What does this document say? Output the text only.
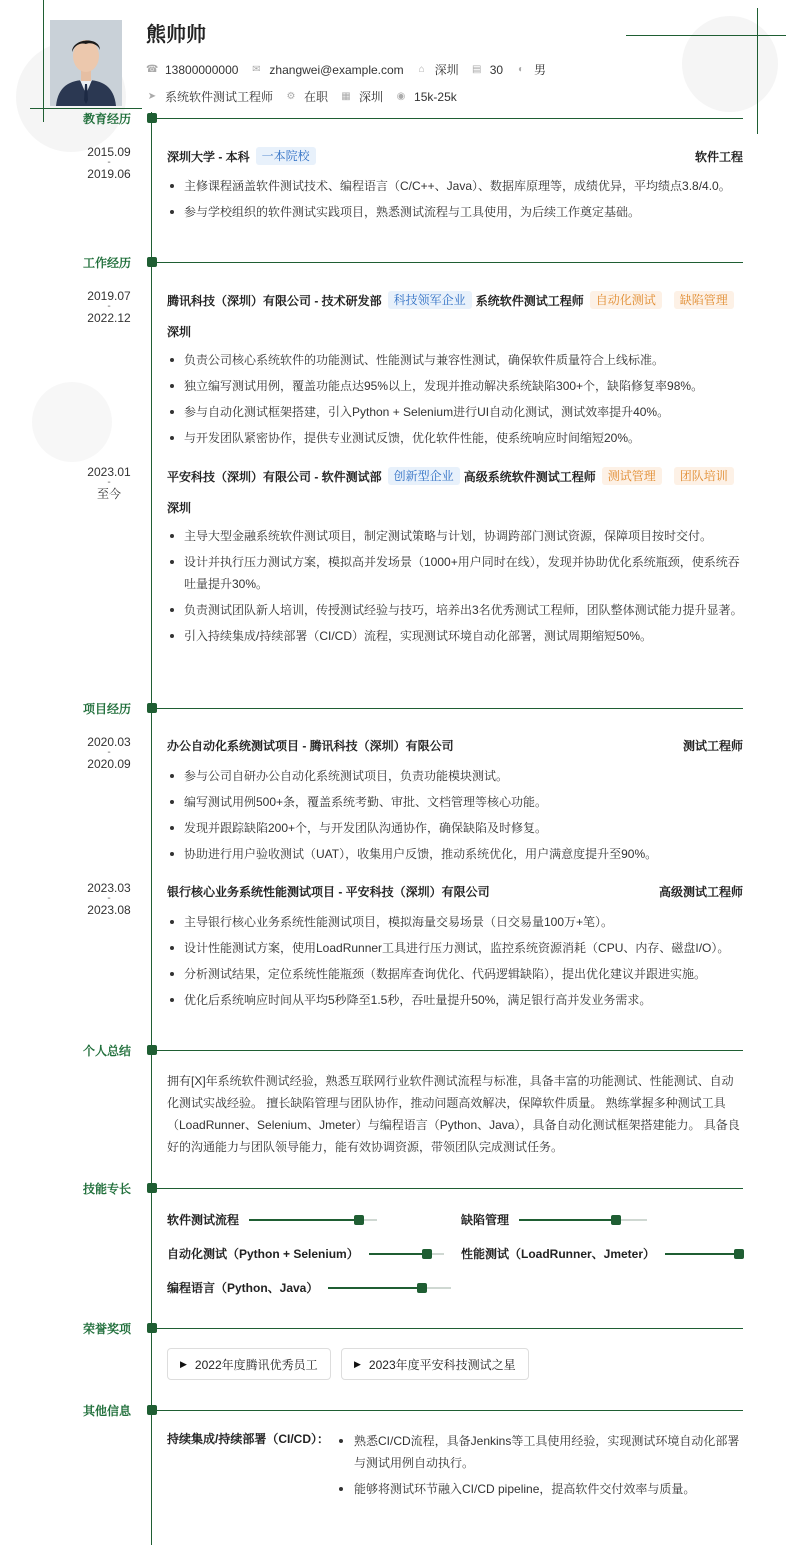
熊帅帅
☎ 13800000000 ✉ zhangwei@example.com ⌂ 深圳 ▤ 30 ◐ 男
➤ 系统软件测试工程师 ⚙ 在职 ▦ 深圳 ◉ 15k-25k
教育经历
2015.09
-
2019.06
深圳大学 - 本科	一本院校	软件工程
主修课程涵盖软件测试技术、编程语言（C/C++、Java）、数据库原理等，成绩优异，平均绩点3.8/4.0。
参与学校组织的软件测试实践项目，熟悉测试流程与工具使用，为后续工作奠定基础。
工作经历
2019.07
-
2022.12
腾讯科技（深圳）有限公司 - 技术研发部	科技领军企业 系统软件测试工程师	自动化测试	缺陷管理
深圳
负责公司核心系统软件的功能测试、性能测试与兼容性测试，确保软件质量符合上线标准。
独立编写测试用例，覆盖功能点达95%以上，发现并推动解决系统缺陷300+个，缺陷修复率98%。
参与自动化测试框架搭建，引入Python + Selenium进行UI自动化测试，测试效率提升40%。
与开发团队紧密协作，提供专业测试反馈，优化软件性能，使系统响应时间缩短20%。
2023.01
-
至今
平安科技（深圳）有限公司 - 软件测试部	创新型企业 高级系统软件测试工程师	测试管理	团队培训
深圳
主导大型金融系统软件测试项目，制定测试策略与计划，协调跨部门测试资源，保障项目按时交付。
设计并执行压力测试方案，模拟高并发场景（1000+用户同时在线），发现并协助优化系统瓶颈，使系统吞吐量提升30%。
负责测试团队新人培训，传授测试经验与技巧，培养出3名优秀测试工程师，团队整体测试能力提升显著。
引入持续集成/持续部署（CI/CD）流程，实现测试环境自动化部署，测试周期缩短50%。
项目经历
2020.03
-
2020.09
办公自动化系统测试项目 - 腾讯科技（深圳）有限公司	测试工程师
参与公司自研办公自动化系统测试项目，负责功能模块测试。
编写测试用例500+条，覆盖系统考勤、审批、文档管理等核心功能。
发现并跟踪缺陷200+个，与开发团队沟通协作，确保缺陷及时修复。
协助进行用户验收测试（UAT），收集用户反馈，推动系统优化，用户满意度提升至90%。
2023.03
-
2023.08
银行核心业务系统性能测试项目 - 平安科技（深圳）有限公司	高级测试工程师
主导银行核心业务系统性能测试项目，模拟海量交易场景（日交易量100万+笔）。
设计性能测试方案，使用LoadRunner工具进行压力测试，监控系统资源消耗（CPU、内存、磁盘I/O）。
分析测试结果，定位系统性能瓶颈（数据库查询优化、代码逻辑缺陷），提出优化建议并跟进实施。
优化后系统响应时间从平均5秒降至1.5秒，吞吐量提升50%，满足银行高并发业务需求。
个人总结
拥有[X]年系统软件测试经验，熟悉互联网行业软件测试流程与标准，具备丰富的功能测试、性能测试、自动化测试实战经验。 擅长缺陷管理与团队协作，推动问题高效解决，保障软件质量。 熟练掌握多种测试工具（LoadRunner、Selenium、Jmeter）与编程语言（Python、Java），具备自动化测试框架搭建能力。 具备良好的沟通能力与团队领导能力，能有效协调资源，带领团队完成测试任务。
技能专长
软件测试流程	缺陷管理
自动化测试（Python + Selenium）	性能测试（LoadRunner、Jmeter）
编程语言（Python、Java）
荣誉奖项
▶ 2022年度腾讯优秀员工	▶ 2023年度平安科技测试之星
其他信息
持续集成/持续部署（CI/CD）：	熟悉CI/CD流程，具备Jenkins等工具使用经验，实现测试环境自动化部署与测试用例自动执行。
能够将测试环节融入CI/CD pipeline，提高软件交付效率与质量。
